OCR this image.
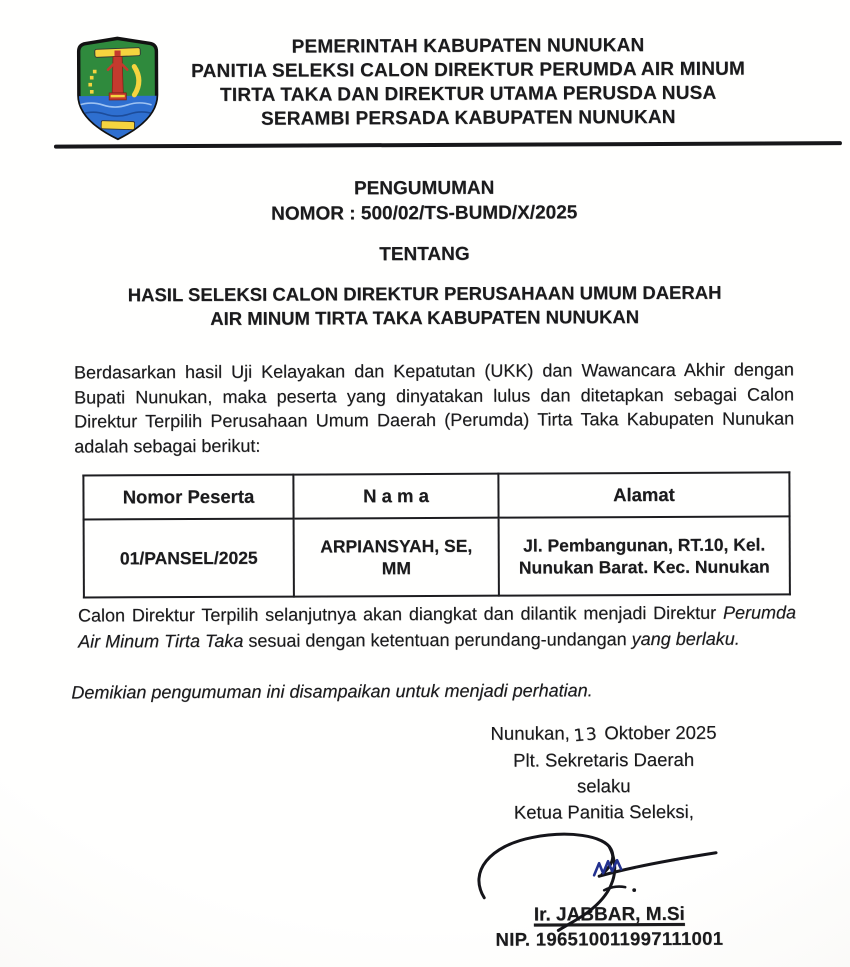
PEMERINTAH KABUPATEN NUNUKAN
PANITIA SELEKSI CALON DIREKTUR PERUMDA AIR MINUM
TIRTA TAKA DAN DIREKTUR UTAMA PERUSDA NUSA
SERAMBI PERSADA KABUPATEN NUNUKAN
PENGUMUMAN
NOMOR : 500/02/TS-BUMD/X/2025
TENTANG
HASIL SELEKSI CALON DIREKTUR PERUSAHAAN UMUM DAERAH
AIR MINUM TIRTA TAKA KABUPATEN NUNUKAN
Berdasarkan hasil Uji Kelayakan dan Kepatutan (UKK) dan Wawancara Akhir dengan Bupati Nunukan, maka peserta yang dinyatakan lulus dan ditetapkan sebagai Calon Direktur Terpilih Perusahaan Umum Daerah (Perumda) Tirta Taka Kabupaten Nunukan adalah sebagai berikut:
Nomor Peserta	N a m a	Alamat
01/PANSEL/2025	ARPIANSYAH, SE, MM	Jl. Pembangunan, RT.10, Kel. Nunukan Barat. Kec. Nunukan
Calon Direktur Terpilih selanjutnya akan diangkat dan dilantik menjadi Direktur Perumda Air Minum Tirta Taka sesuai dengan ketentuan perundang-undangan yang berlaku.
Demikian pengumuman ini disampaikan untuk menjadi perhatian.
Nunukan, 13 Oktober 2025
Plt. Sekretaris Daerah
selaku
Ketua Panitia Seleksi,
Ir. JABBAR, M.Si
NIP. 196510011997111001
